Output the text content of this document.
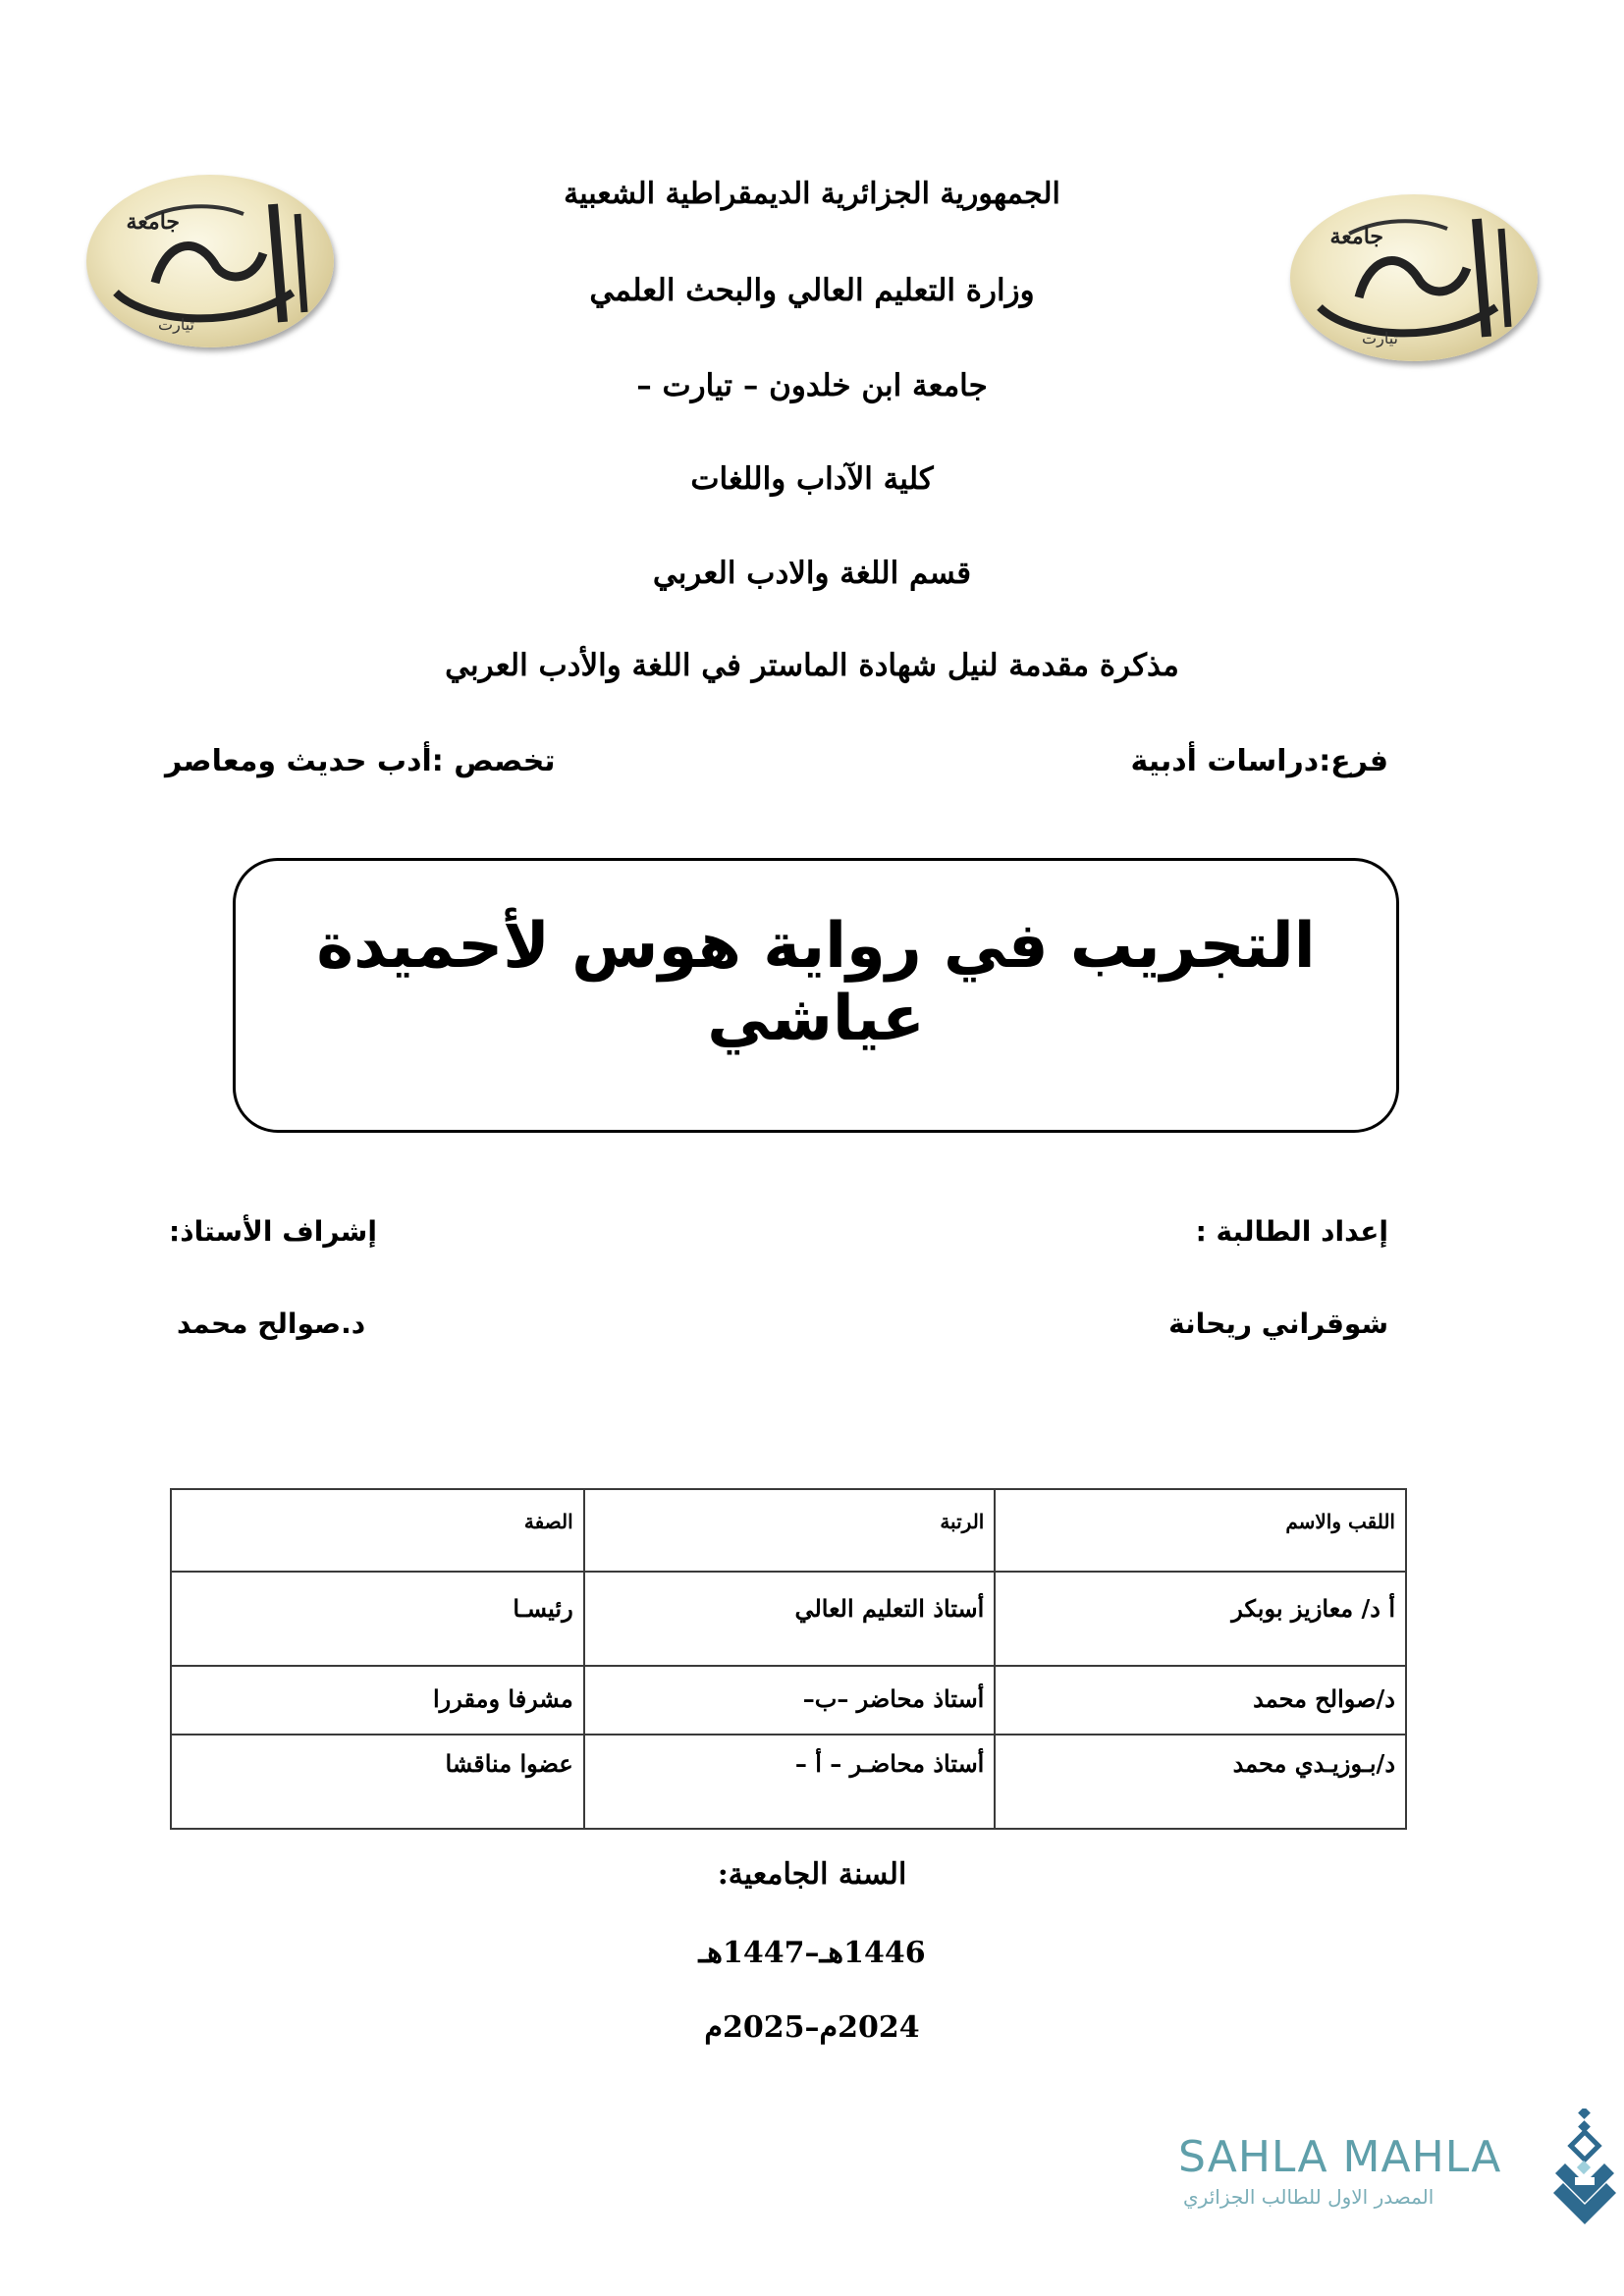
جامعة
تيارت
جامعة
تيارت
الجمهورية الجزائرية الديمقراطية الشعبية
وزارة التعليم العالي والبحث العلمي
جامعة ابن خلدون – تيارت –
كلية الآداب واللغات
قسم اللغة والادب العربي
مذكرة مقدمة لنيل شهادة الماستر في اللغة والأدب العربي
فرع:دراسات أدبية
تخصص :أدب حديث ومعاصر
التجريب في رواية هوس لأحميدة عياشي
إعداد الطالبة :
إشراف الأستاذ:
شوقراني ريحانة
د.صوالح محمد
اللقب والاسم	الرتبة	الصفة
أ د/ معازيز بوبكر	أستاذ التعليم العالي	رئيسـا
د/صوالح محمد	أستاذ محاضر –ب–	مشرفا ومقررا
د/بـوزيـدي محمد	أستاذ محاضـر – أ –	عضوا مناقشا
السنة الجامعية:
1446هـ–1447هـ
2024م–2025م
SAHLA MAHLA
المصدر الاول للطالب الجزائري
